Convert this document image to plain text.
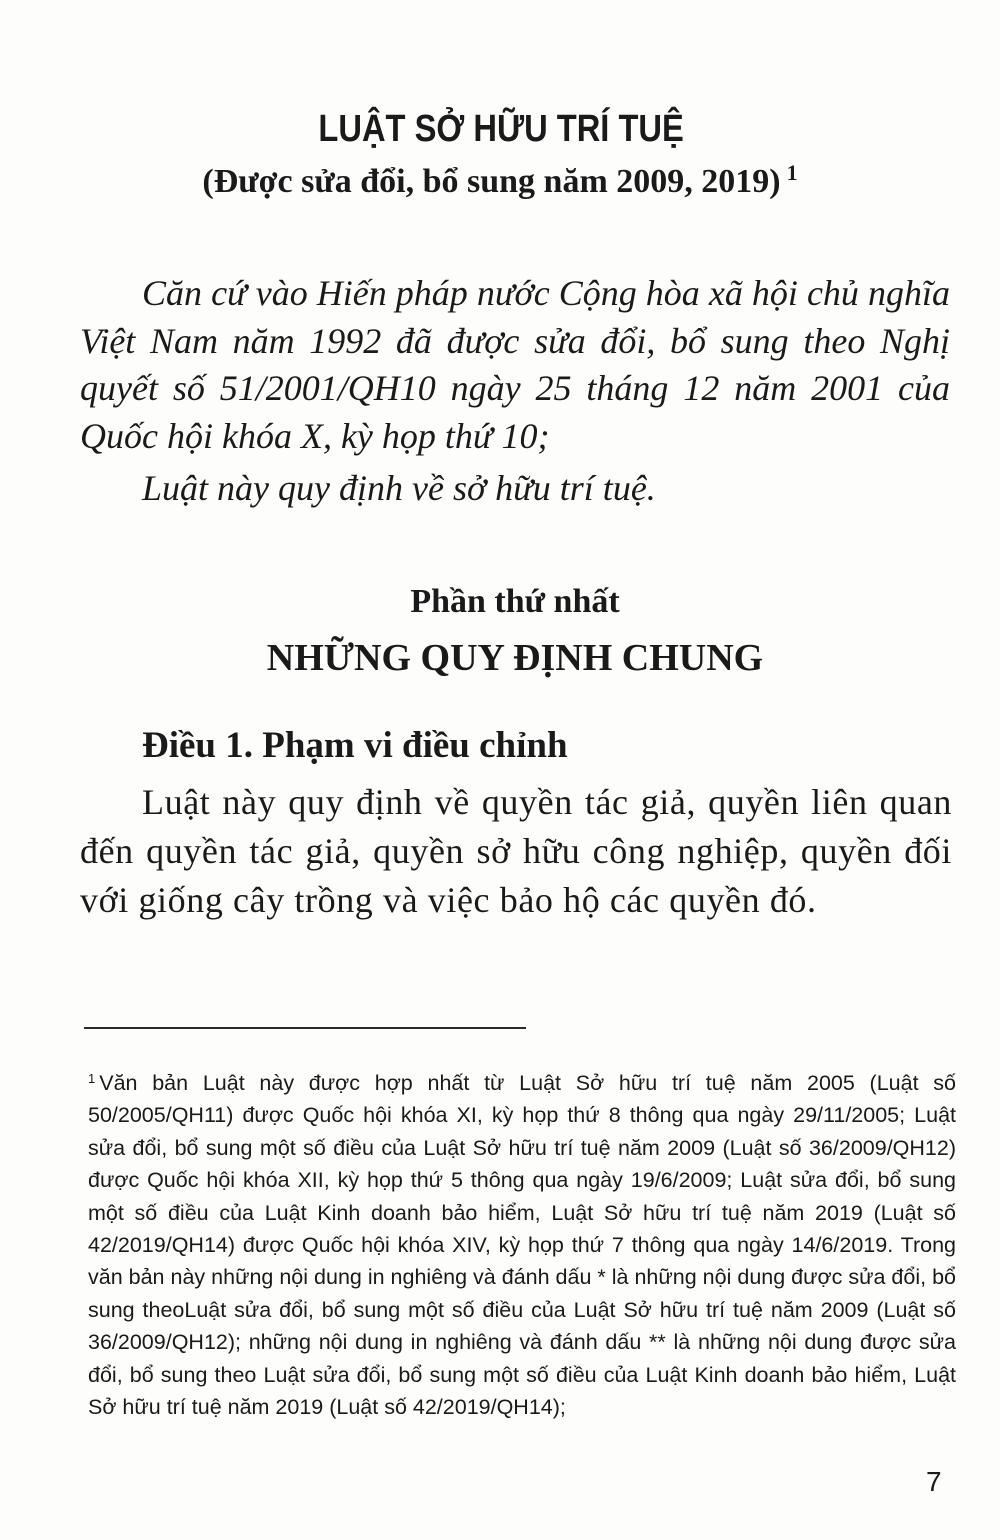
LUẬT SỞ HỮU TRÍ TUỆ
(Được sửa đổi, bổ sung năm 2009, 2019) $^1$

Căn cứ vào Hiến pháp nước Cộng hòa xã hội chủ nghĩa Việt Nam năm 1992 đã được sửa đổi, bổ sung theo Nghị quyết số 51/2001/QH10 ngày 25 tháng 12 năm 2001 của Quốc hội khóa X, kỳ họp thứ 10;

Luật này quy định về sở hữu trí tuệ.

Phần thứ nhất
NHỮNG QUY ĐỊNH CHUNG
Điều 1. Phạm vi điều chỉnh

Luật này quy định về quyền tác giả, quyền liên quan đến quyền tác giả, quyền sở hữu công nghiệp, quyền đối với giống cây trồng và việc bảo hộ các quyền đó.

$^1$ Văn bản Luật này được hợp nhất từ Luật Sở hữu trí tuệ năm 2005 (Luật số 50/2005/QH11) được Quốc hội khóa XI, kỳ họp thứ 8 thông qua ngày 29/11/2005; Luật sửa đổi, bổ sung một số điều của Luật Sở hữu trí tuệ năm 2009 (Luật số 36/2009/QH12) được Quốc hội khóa XII, kỳ họp thứ 5 thông qua ngày 19/6/2009; Luật sửa đổi, bổ sung một số điều của Luật Kinh doanh bảo hiểm, Luật Sở hữu trí tuệ năm 2019 (Luật số 42/2019/QH14) được Quốc hội khóa XIV, kỳ họp thứ 7 thông qua ngày 14/6/2019. Trong văn bản này những nội dung in nghiêng và đánh dấu * là những nội dung được sửa đổi, bổ sung theoLuật sửa đổi, bổ sung một số điều của Luật Sở hữu trí tuệ năm 2009 (Luật số 36/2009/QH12); những nội dung in nghiêng và đánh dấu ** là những nội dung được sửa đổi, bổ sung theo Luật sửa đổi, bổ sung một số điều của Luật Kinh doanh bảo hiểm, Luật Sở hữu trí tuệ năm 2019 (Luật số 42/2019/QH14);

7
